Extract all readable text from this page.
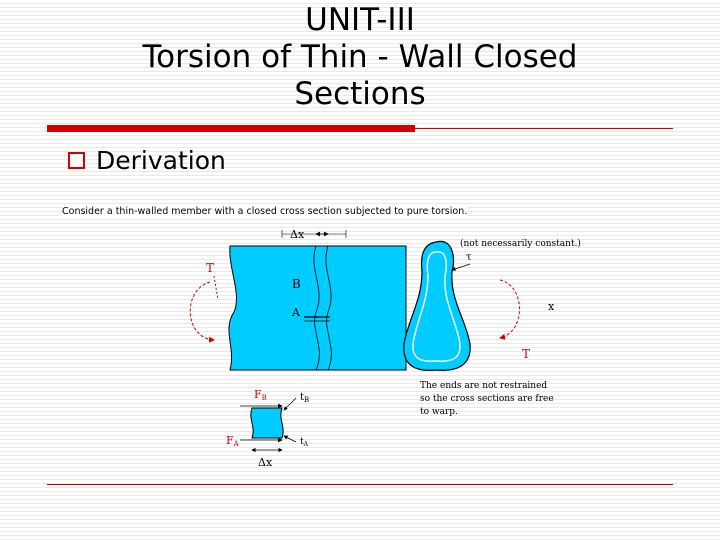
UNIT-III
Torsion of Thin - Wall Closed
Sections
Derivation
Consider a thin-walled member with a closed cross section subjected to pure torsion.
Δx
(not necessarily constant.)
τ
T
T
x
B
A
FB	$t_B$
FA	$t_A$
Δx
The ends are not restrained
so the cross sections are free
to warp.
